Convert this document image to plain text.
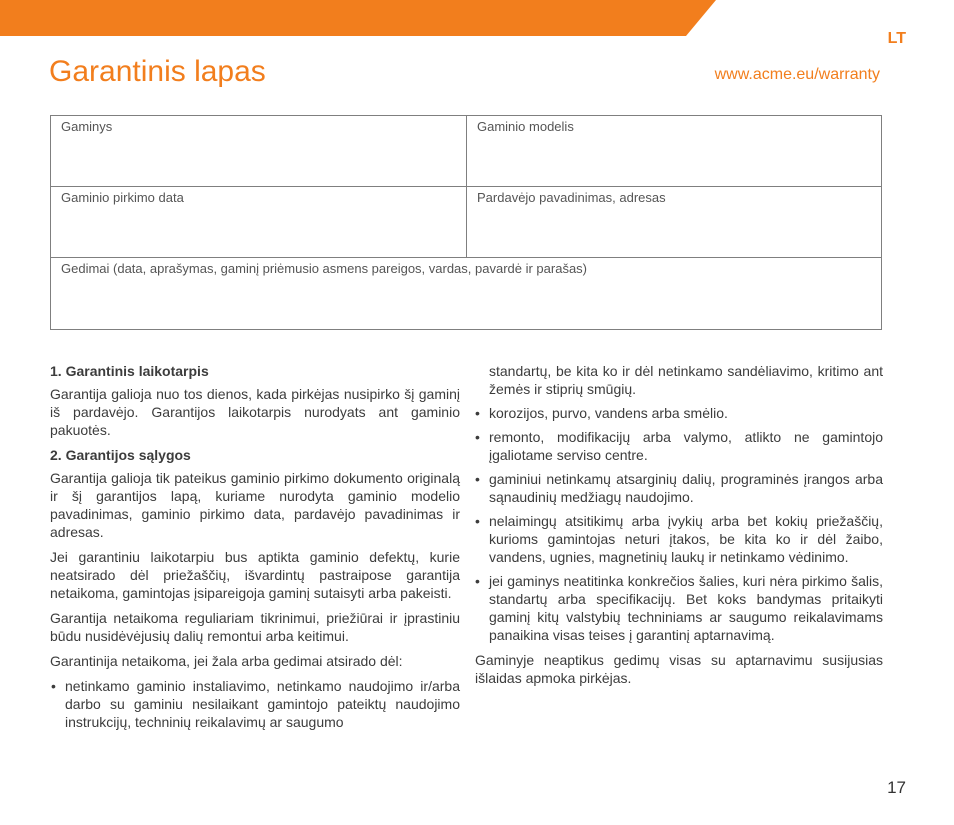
LT
Garantinis lapas	www.acme.eu/warranty
Gaminys	Gaminio modelis
Gaminio pirkimo data	Pardavėjo pavadinimas, adresas
Gedimai (data, aprašymas, gaminį priėmusio asmens pareigos, vardas, pavardė ir parašas)
1. Garantinis laikotarpis

Garantija galioja nuo tos dienos, kada pirkėjas nusipirko šį gaminį iš pardavėjo. Garantijos laikotarpis nurodyats ant gaminio pakuotės.

2. Garantijos sąlygos

Garantija galioja tik pateikus gaminio pirkimo dokumento originalą ir šį garantijos lapą, kuriame nurodyta gaminio modelio pavadinimas, gaminio pirkimo data, pardavėjo pavadinimas ir adresas.

Jei garantiniu laikotarpiu bus aptikta gaminio defektų, kurie neatsirado dėl priežaščių, išvardintų pastraipose garantija netaikoma, gamintojas įsipareigoja gaminį sutaisyti arba pakeisti.

Garantija netaikoma reguliariam tikrinimui, priežiūrai ir įprastiniu būdu nusidėvėjusių dalių remontui arba keitimui.

Garantinija netaikoma, jei žala arba gedimai atsirado dėl:

• netinkamo gaminio instaliavimo, netinkamo naudojimo ir/arba darbo su gaminiu nesilaikant gamintojo pateiktų naudojimo instrukcijų, techninių reikalavimų ar saugumo

standartų, be kita ko ir dėl netinkamo sandėliavimo, kritimo ant žemės ir stiprių smūgių.

• korozijos, purvo, vandens arba smėlio.
• remonto, modifikacijų arba valymo, atlikto ne gamintojo įgaliotame serviso centre.
• gaminiui netinkamų atsarginių dalių, programinės įrangos arba sąnaudinių medžiagų naudojimo.
• nelaimingų atsitikimų arba įvykių arba bet kokių priežaščių, kurioms gamintojas neturi įtakos, be kita ko ir dėl žaibo, vandens, ugnies, magnetinių laukų ir netinkamo vėdinimo.
• jei gaminys neatitinka konkrečios šalies, kuri nėra pirkimo šalis, standartų arba specifikacijų. Bet koks bandymas pritaikyti gaminį kitų valstybių techniniams ar saugumo reikalavimams panaikina visas teises į garantinį aptarnavimą.

Gaminyje neaptikus gedimų visas su aptarnavimu susijusias išlaidas apmoka pirkėjas.

17
